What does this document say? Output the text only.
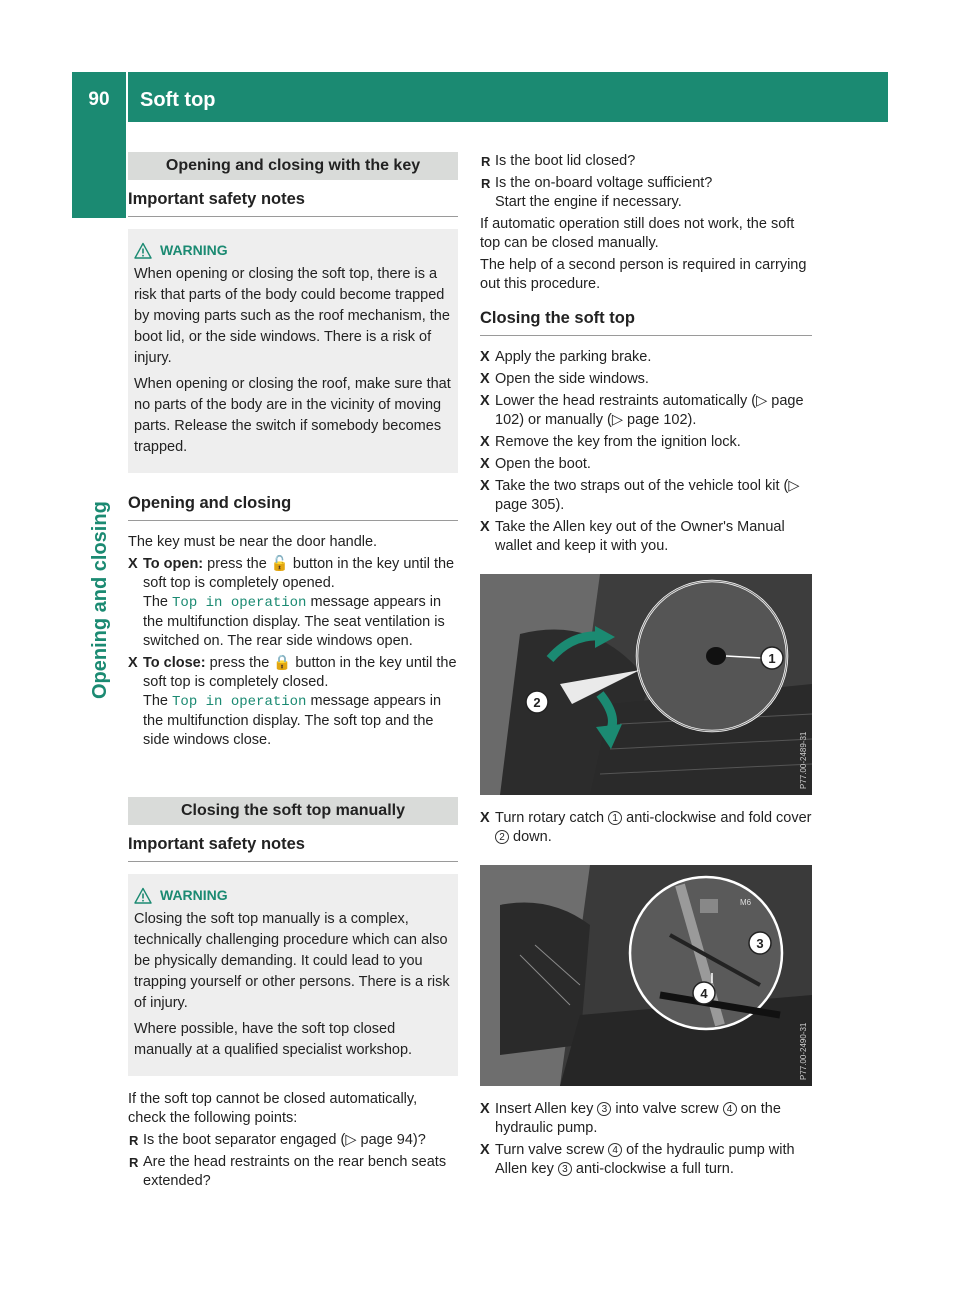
90	Soft top
Opening and closing
Opening and closing with the key
Important safety notes
WARNING

When opening or closing the soft top, there is a risk that parts of the body could become trapped by moving parts such as the roof mechanism, the boot lid, or the side windows. There is a risk of injury.

When opening or closing the roof, make sure that no parts of the body are in the vicinity of moving parts. Release the switch if somebody becomes trapped.

Opening and closing
The key must be near the door handle.
X To open: press the 🔓 button in the key until the soft top is completely opened.
The Top in operation message appears in the multifunction display. The seat ventilation is switched on. The rear side windows open.
X To close: press the 🔒 button in the key until the soft top is completely closed.
The Top in operation message appears in the multifunction display. The soft top and the side windows close.
Closing the soft top manually
Important safety notes
WARNING

Closing the soft top manually is a complex, technically challenging procedure which can also be physically demanding. It could lead to you trapping yourself or other persons. There is a risk of injury.

Where possible, have the soft top closed manually at a qualified specialist workshop.

If the soft top cannot be closed automatically, check the following points:
R Is the boot separator engaged (▷ page 94)?
R Are the head restraints on the rear bench seats extended?
R Is the boot lid closed?
R Is the on-board voltage sufficient?
Start the engine if necessary.
If automatic operation still does not work, the soft top can be closed manually.
The help of a second person is required in carrying out this procedure.
Closing the soft top
X Apply the parking brake.
X Open the side windows.
X Lower the head restraints automatically (▷ page 102) or manually (▷ page 102).
X Remove the key from the ignition lock.
X Open the boot.
X Take the two straps out of the vehicle tool kit (▷ page 305).
X Take the Allen key out of the Owner's Manual wallet and keep it with you.
1
2
P77.00-2489-31
X Turn rotary catch 1 anti-clockwise and fold cover 2 down.
M6
3
4
P77.00-2490-31
X Insert Allen key 3 into valve screw 4 on the hydraulic pump.
X Turn valve screw 4 of the hydraulic pump with Allen key 3 anti-clockwise a full turn.
